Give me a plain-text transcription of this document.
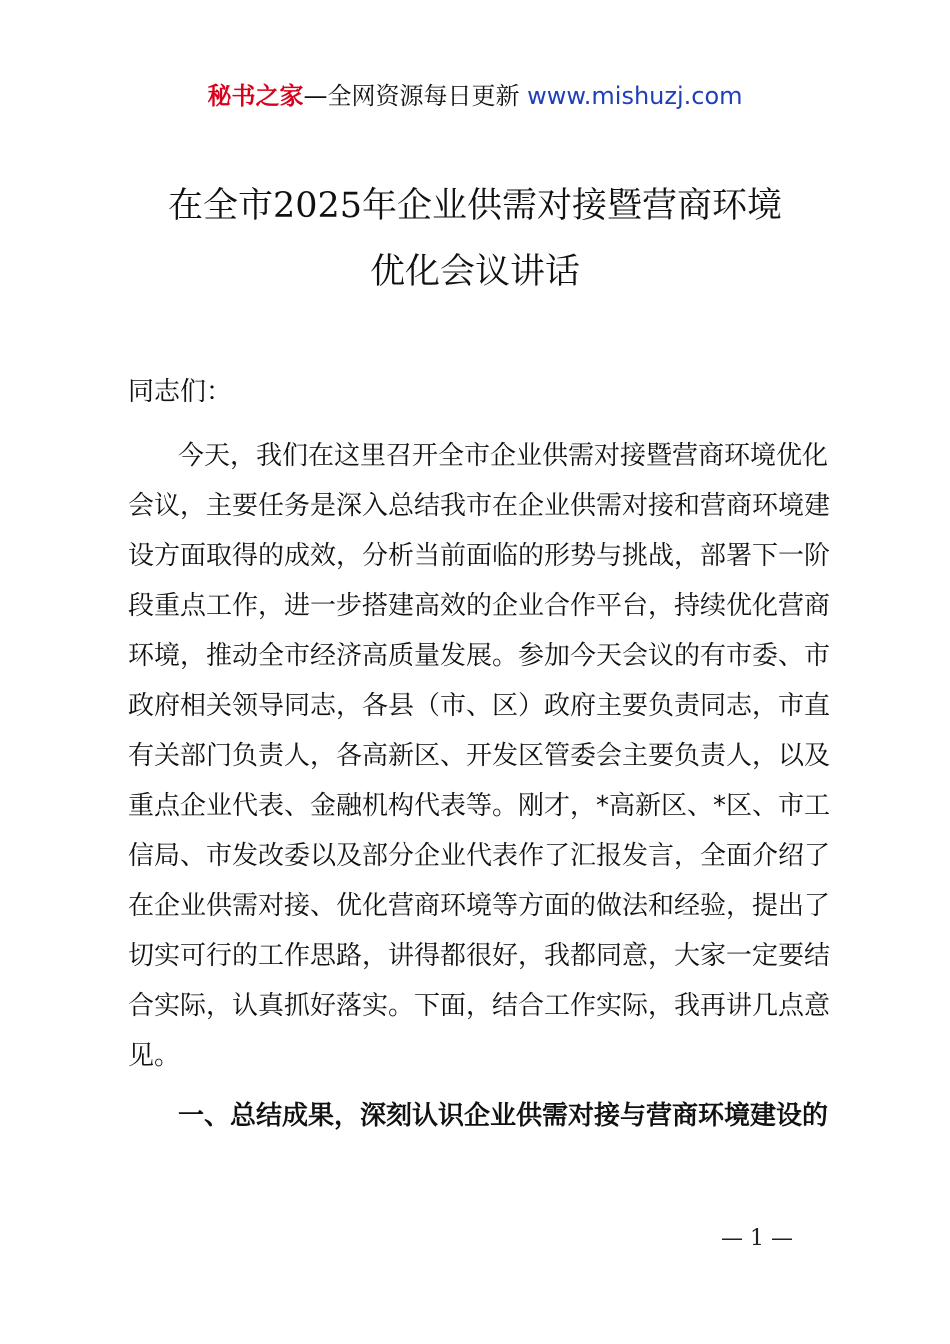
秘书之家—全网资源每日更新 www.mishuzj.com
在全市2025年企业供需对接暨营商环境
优化会议讲话
同志们：
今天，我们在这里召开全市企业供需对接暨营商环境优化
会议，主要任务是深入总结我市在企业供需对接和营商环境建
设方面取得的成效，分析当前面临的形势与挑战，部署下一阶
段重点工作，进一步搭建高效的企业合作平台，持续优化营商
环境，推动全市经济高质量发展。参加今天会议的有市委、市
政府相关领导同志，各县（市、区）政府主要负责同志，市直
有关部门负责人，各高新区、开发区管委会主要负责人，以及
重点企业代表、金融机构代表等。刚才，*高新区、*区、市工
信局、市发改委以及部分企业代表作了汇报发言，全面介绍了
在企业供需对接、优化营商环境等方面的做法和经验，提出了
切实可行的工作思路，讲得都很好，我都同意，大家一定要结
合实际，认真抓好落实。下面，结合工作实际，我再讲几点意
见。
一、总结成果，深刻认识企业供需对接与营商环境建设的
— 1 —
